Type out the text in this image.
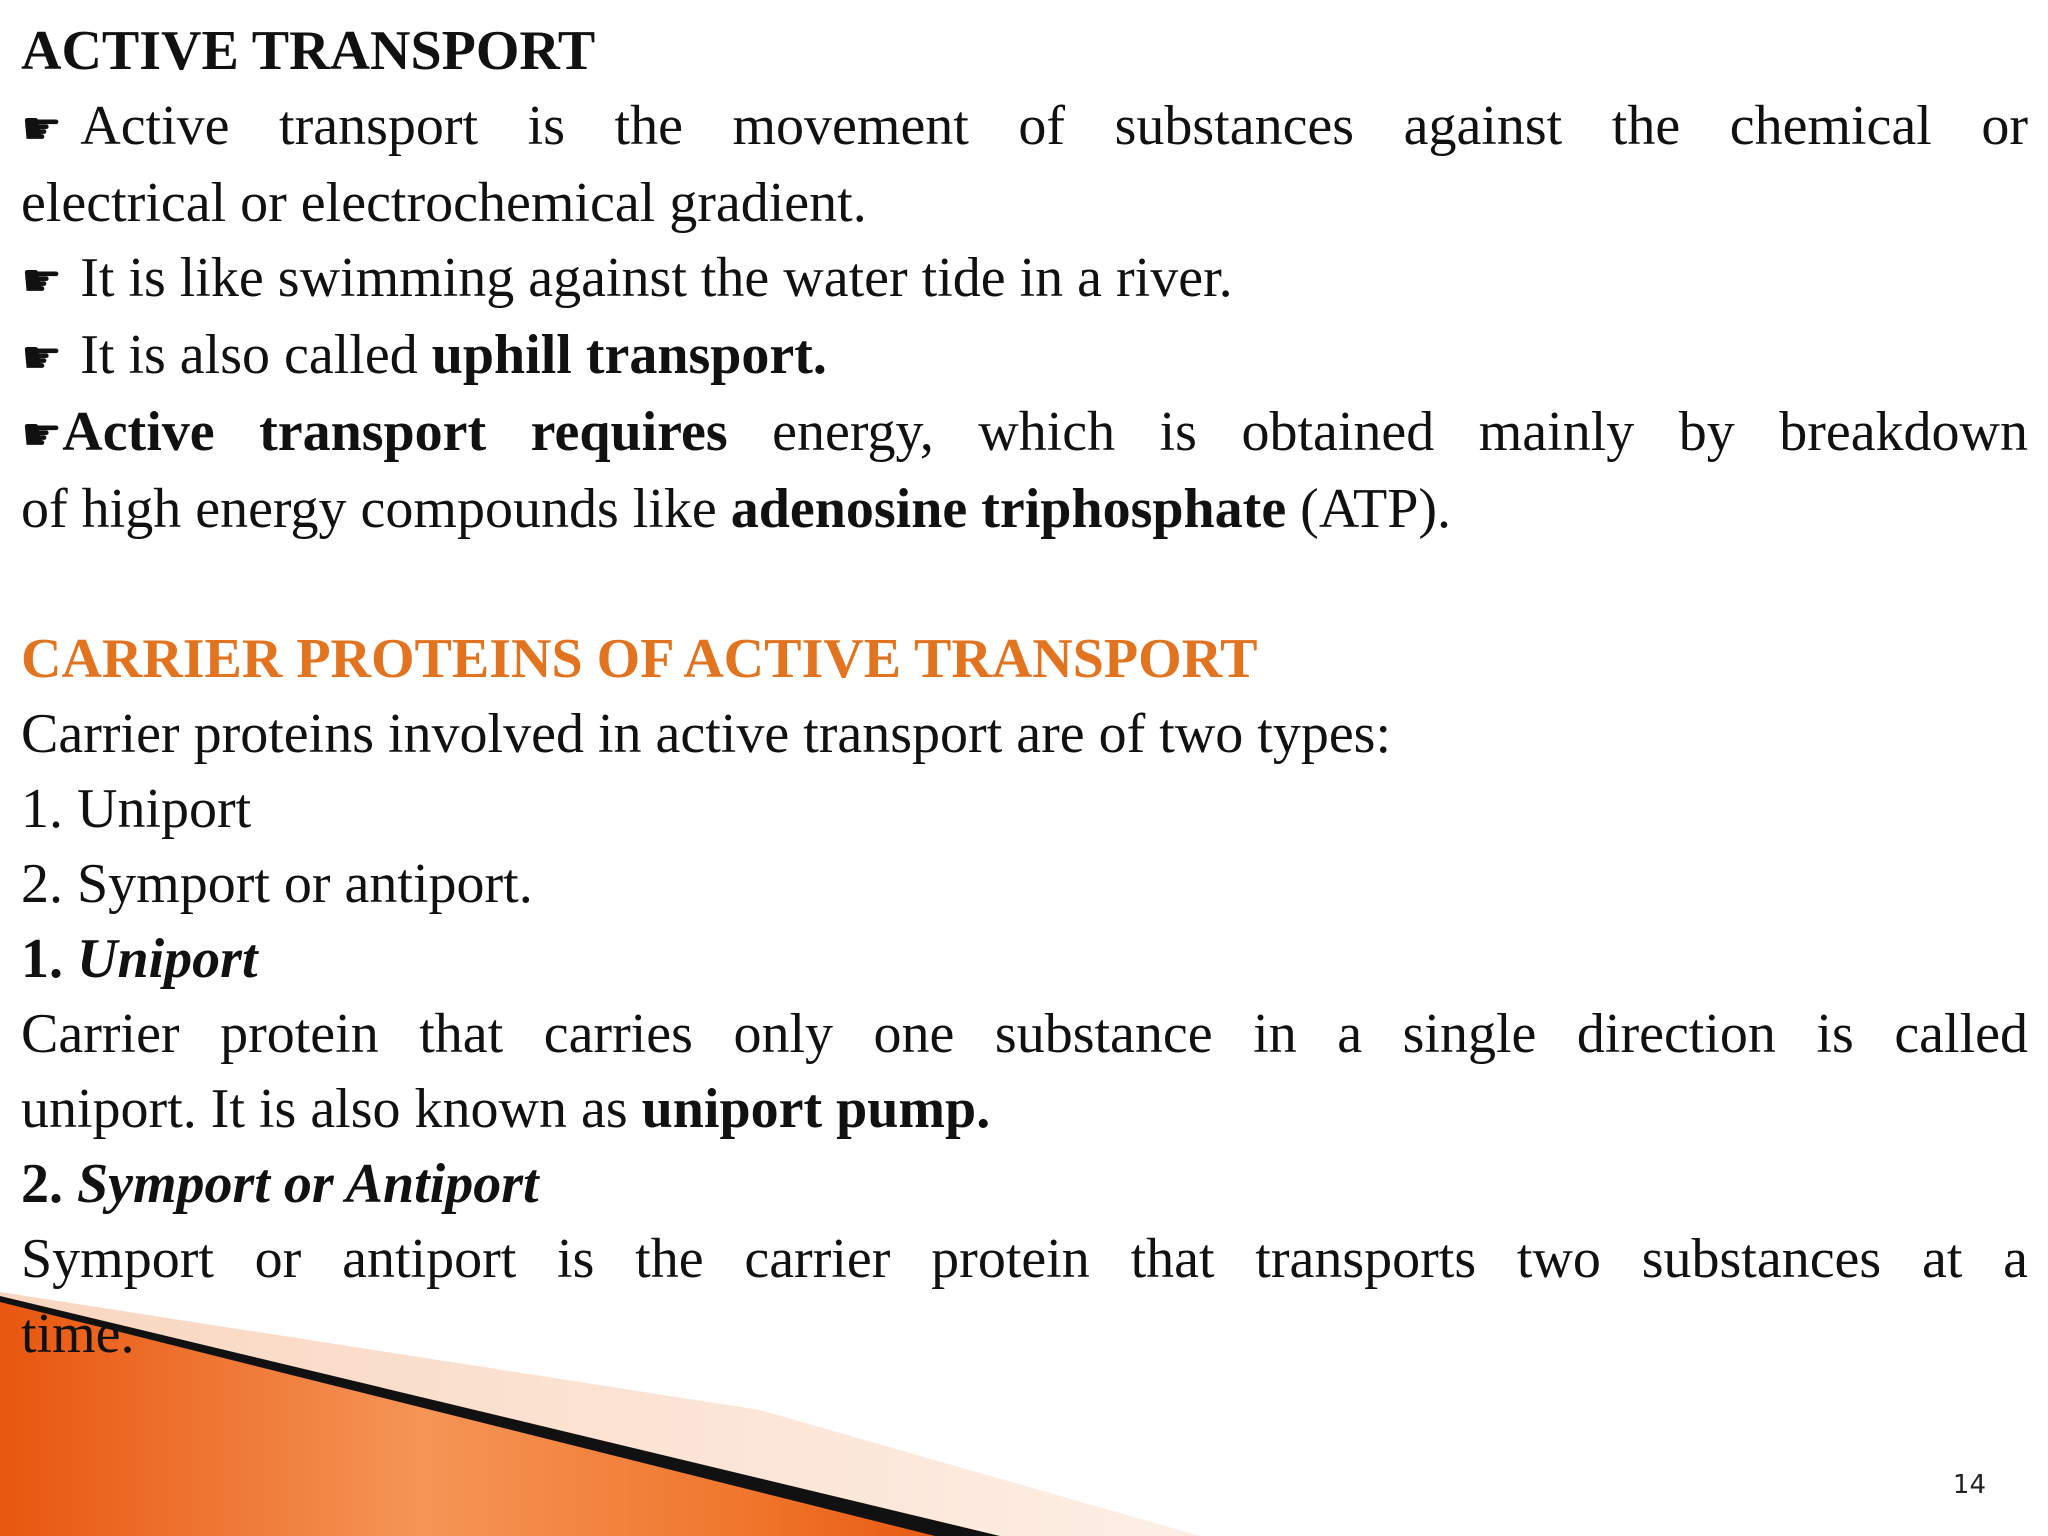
ACTIVE TRANSPORT
☛ Active transport is the movement of substances against the chemical or
electrical or electrochemical gradient.
☛ It is like swimming against the water tide in a river.
☛ It is also called uphill transport.
☛Active transport requires energy, which is obtained mainly by breakdown
of high energy compounds like adenosine triphosphate (ATP).
CARRIER PROTEINS OF ACTIVE TRANSPORT
Carrier proteins involved in active transport are of two types:
1. Uniport
2. Symport or antiport.
1. Uniport
Carrier protein that carries only one substance in a single direction is called
uniport. It is also known as uniport pump.
2. Symport or Antiport
Symport or antiport is the carrier protein that transports two substances at a
time.
14
